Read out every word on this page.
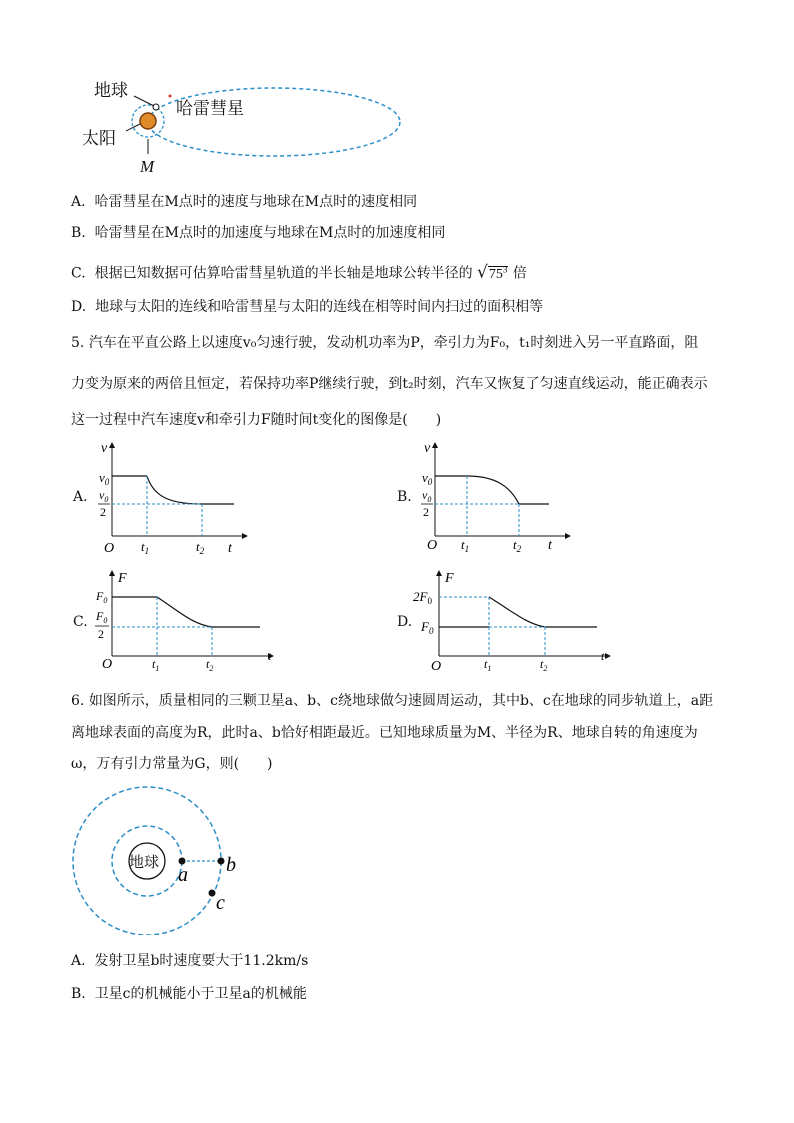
地球
哈雷彗星
太阳
M
A. 哈雷彗星在M点时的速度与地球在M点时的速度相同
B. 哈雷彗星在M点时的加速度与地球在M点时的加速度相同
C. 根据已知数据可估算哈雷彗星轨道的半长轴是地球公转半径的 $√75^3$ 倍
D. 地球与太阳的连线和哈雷彗星与太阳的连线在相等时间内扫过的面积相等
5. 汽车在平直公路上以速度v₀匀速行驶，发动机功率为P，牵引力为F₀，t₁时刻进入另一平直路面，阻
力变为原来的两倍且恒定，若保持功率P继续行驶，到t₂时刻，汽车又恢复了匀速直线运动，能正确表示
这一过程中汽车速度v和牵引力F随时间t变化的图像是(　　)
A.
v
t
O
$v_0$
$v_0$
2
$t_1$	$t_2$
B.
v
t
O
$v_0$
$v_0$
2
$t_1$	$t_2$
C.
F
t
O
$F_0$
$F_0$
2
$t_1$	$t_2$
D.
F
t
O
$2F_0$
$F_0$
$t_1$	$t_2$
6. 如图所示，质量相同的三颗卫星a、b、c绕地球做匀速圆周运动，其中b、c在地球的同步轨道上，a距
离地球表面的高度为R，此时a、b恰好相距最近。已知地球质量为M、半径为R、地球自转的角速度为
ω，万有引力常量为G，则(　　)
地球
a b
c
A. 发射卫星b时速度要大于11.2km/s
B. 卫星c的机械能小于卫星a的机械能
